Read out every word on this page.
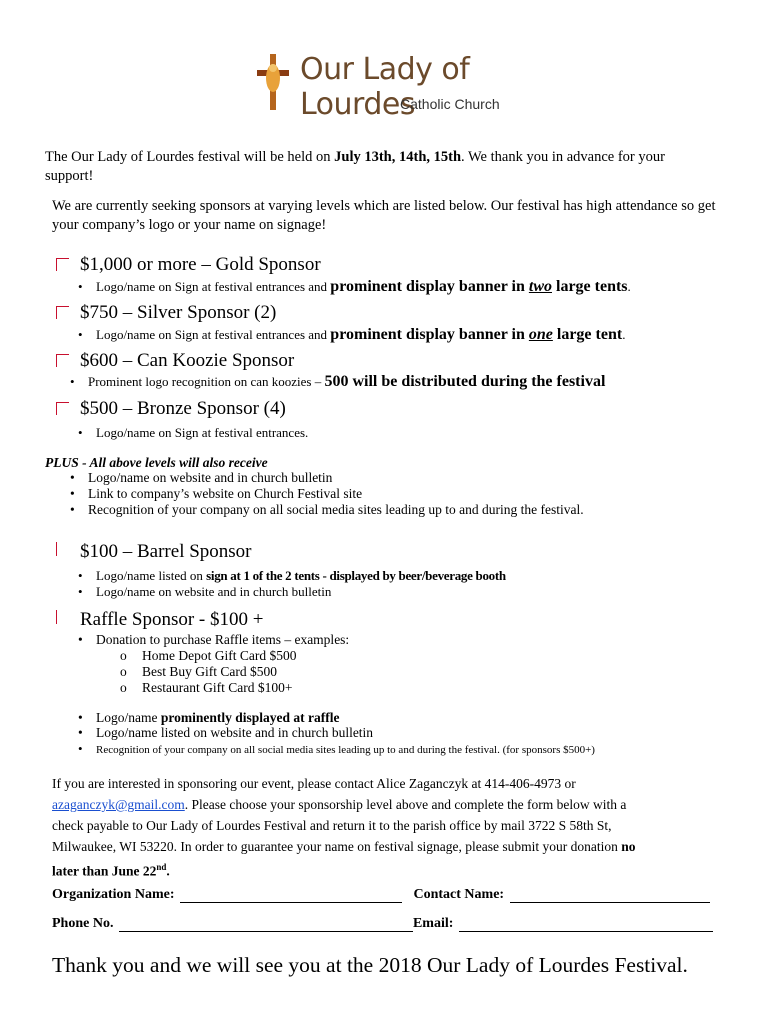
Our Lady of Lourdes
Catholic Church
The Our Lady of Lourdes festival will be held on July 13th, 14th, 15th. We thank you in advance for your support!
We are currently seeking sponsors at varying levels which are listed below. Our festival has high attendance so get your company’s logo or your name on signage!
$1,000 or more – Gold Sponsor
• Logo/name on Sign at festival entrances and prominent display banner in two large tents.
$750 – Silver Sponsor (2)
• Logo/name on Sign at festival entrances and prominent display banner in one large tent.
$600 – Can Koozie Sponsor
• Prominent logo recognition on can koozies – 500 will be distributed during the festival
$500 – Bronze Sponsor (4)
• Logo/name on Sign at festival entrances.
PLUS - All above levels will also receive
• Logo/name on website and in church bulletin
• Link to company’s website on Church Festival site
• Recognition of your company on all social media sites leading up to and during the festival.
$100 – Barrel Sponsor
• Logo/name listed on sign at 1 of the 2 tents - displayed by beer/beverage booth
• Logo/name on website and in church bulletin
Raffle Sponsor - $100 +
• Donation to purchase Raffle items – examples:
o Home Depot Gift Card $500
o Best Buy Gift Card $500
o Restaurant Gift Card $100+
• Logo/name prominently displayed at raffle
• Logo/name listed on website and in church bulletin
• Recognition of your company on all social media sites leading up to and during the festival. (for sponsors $500+)
If you are interested in sponsoring our event, please contact Alice Zaganczyk at 414-406-4973 or
azaganczyk@gmail.com. Please choose your sponsorship level above and complete the form below with a
check payable to Our Lady of Lourdes Festival and return it to the parish office by mail 3722 S 58th St,
Milwaukee, WI 53220. In order to guarantee your name on festival signage, please submit your donation no
later than June 22nd.
Organization Name:	Contact Name:
Phone No.	Email:
Thank you and we will see you at the 2018 Our Lady of Lourdes Festival.
